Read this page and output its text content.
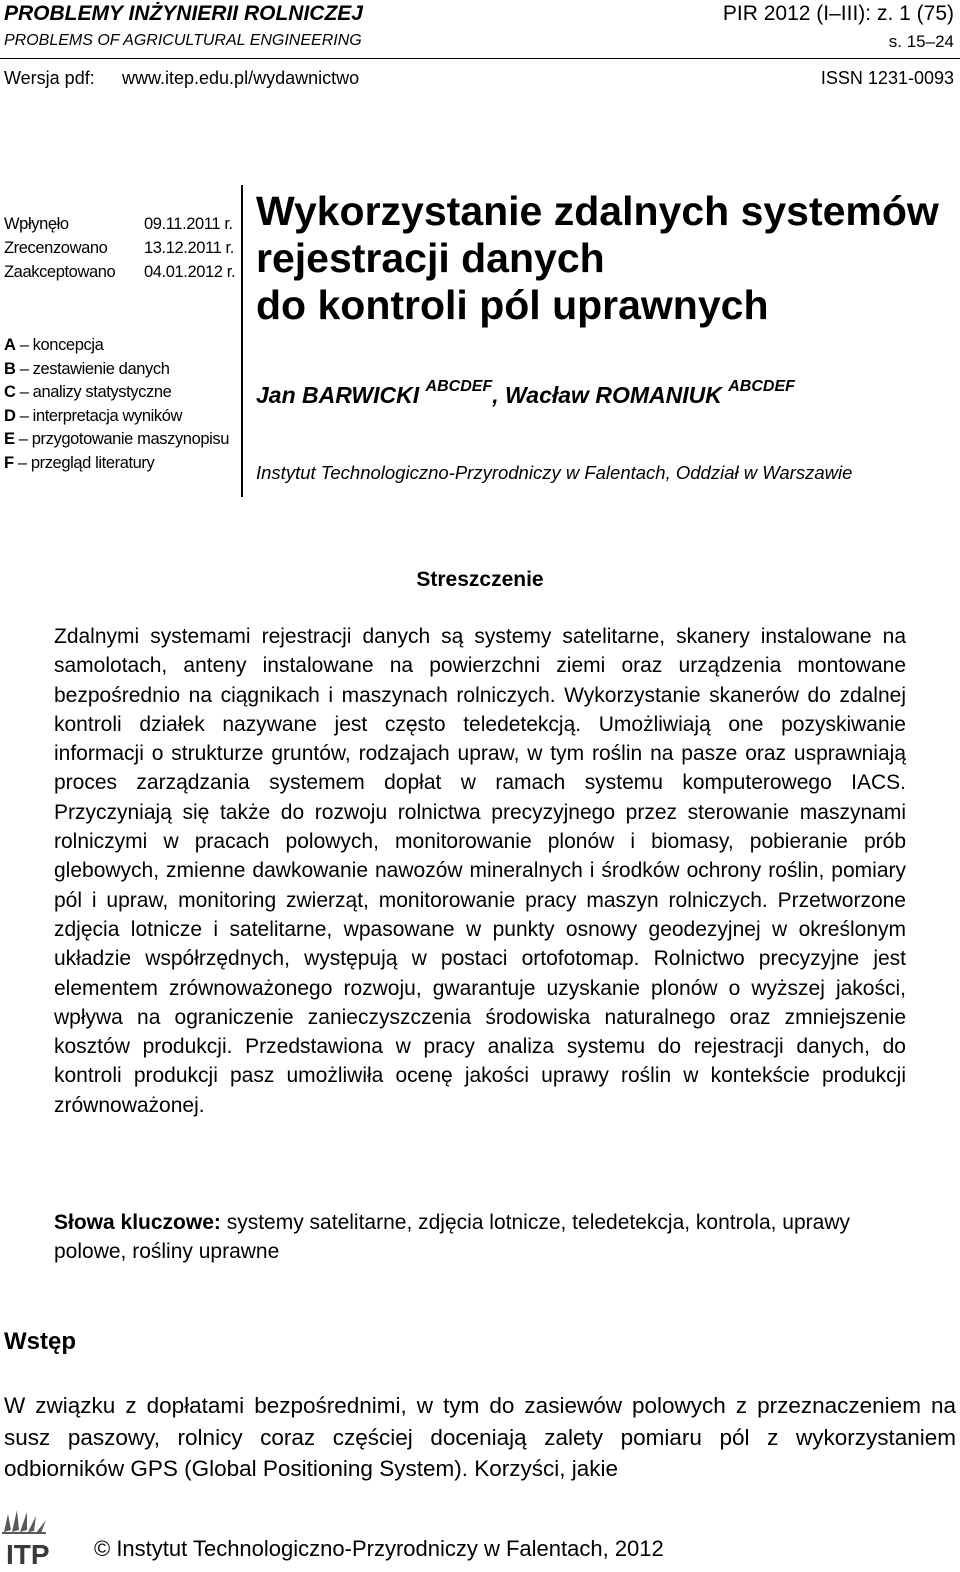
PROBLEMY INŻYNIERII ROLNICZEJ	PIR 2012 (I–III): z. 1 (75)
PROBLEMS OF AGRICULTURAL ENGINEERING	s. 15–24
Wersja pdf: www.itep.edu.pl/wydawnictwo	ISSN 1231-0093
Wpłynęło	09.11.2011 r.
Zrecenzowano	13.12.2011 r.
Zaakceptowano	04.01.2012 r.
A – koncepcja
B – zestawienie danych
C – analizy statystyczne
D – interpretacja wyników
E – przygotowanie maszynopisu
F – przegląd literatury
Wykorzystanie zdalnych systemów
rejestracji danych
do kontroli pól uprawnych
Jan BARWICKI $^{ABCDEF}$, Wacław ROMANIUK $^{ABCDEF}$
Instytut Technologiczno-Przyrodniczy w Falentach, Oddział w Warszawie
Streszczenie
Zdalnymi systemami rejestracji danych są systemy satelitarne, skanery instalowane na samolotach, anteny instalowane na powierzchni ziemi oraz urządzenia montowane bezpośrednio na ciągnikach i maszynach rolniczych. Wykorzystanie skanerów do zdalnej kontroli działek nazywane jest często teledetekcją. Umożliwiają one pozyskiwanie informacji o strukturze gruntów, rodzajach upraw, w tym roślin na pasze oraz usprawniają proces zarządzania systemem dopłat w ramach systemu komputerowego IACS. Przyczyniają się także do rozwoju rolnictwa precyzyjnego przez sterowanie maszynami rolniczymi w pracach polowych, monitorowanie plonów i biomasy, pobieranie prób glebowych, zmienne dawkowanie nawozów mineralnych i środków ochrony roślin, pomiary pól i upraw, monitoring zwierząt, monitorowanie pracy maszyn rolniczych. Przetworzone zdjęcia lotnicze i satelitarne, wpasowane w punkty osnowy geodezyjnej w określonym układzie współrzędnych, występują w postaci ortofotomap. Rolnictwo precyzyjne jest elementem zrównoważonego rozwoju, gwarantuje uzyskanie plonów o wyższej jakości, wpływa na ograniczenie zanieczyszczenia środowiska naturalnego oraz zmniejszenie kosztów produkcji. Przedstawiona w pracy analiza systemu do rejestracji danych, do kontroli produkcji pasz umożliwiła ocenę jakości uprawy roślin w kontekście produkcji zrównoważonej.
Słowa kluczowe: systemy satelitarne, zdjęcia lotnicze, teledetekcja, kontrola, uprawy polowe, rośliny uprawne
Wstęp
W związku z dopłatami bezpośrednimi, w tym do zasiewów polowych z przeznaczeniem na susz paszowy, rolnicy coraz częściej doceniają zalety pomiaru pól z wykorzystaniem odbiorników GPS (Global Positioning System). Korzyści, jakie
ITP © Instytut Technologiczno-Przyrodniczy w Falentach, 2012
